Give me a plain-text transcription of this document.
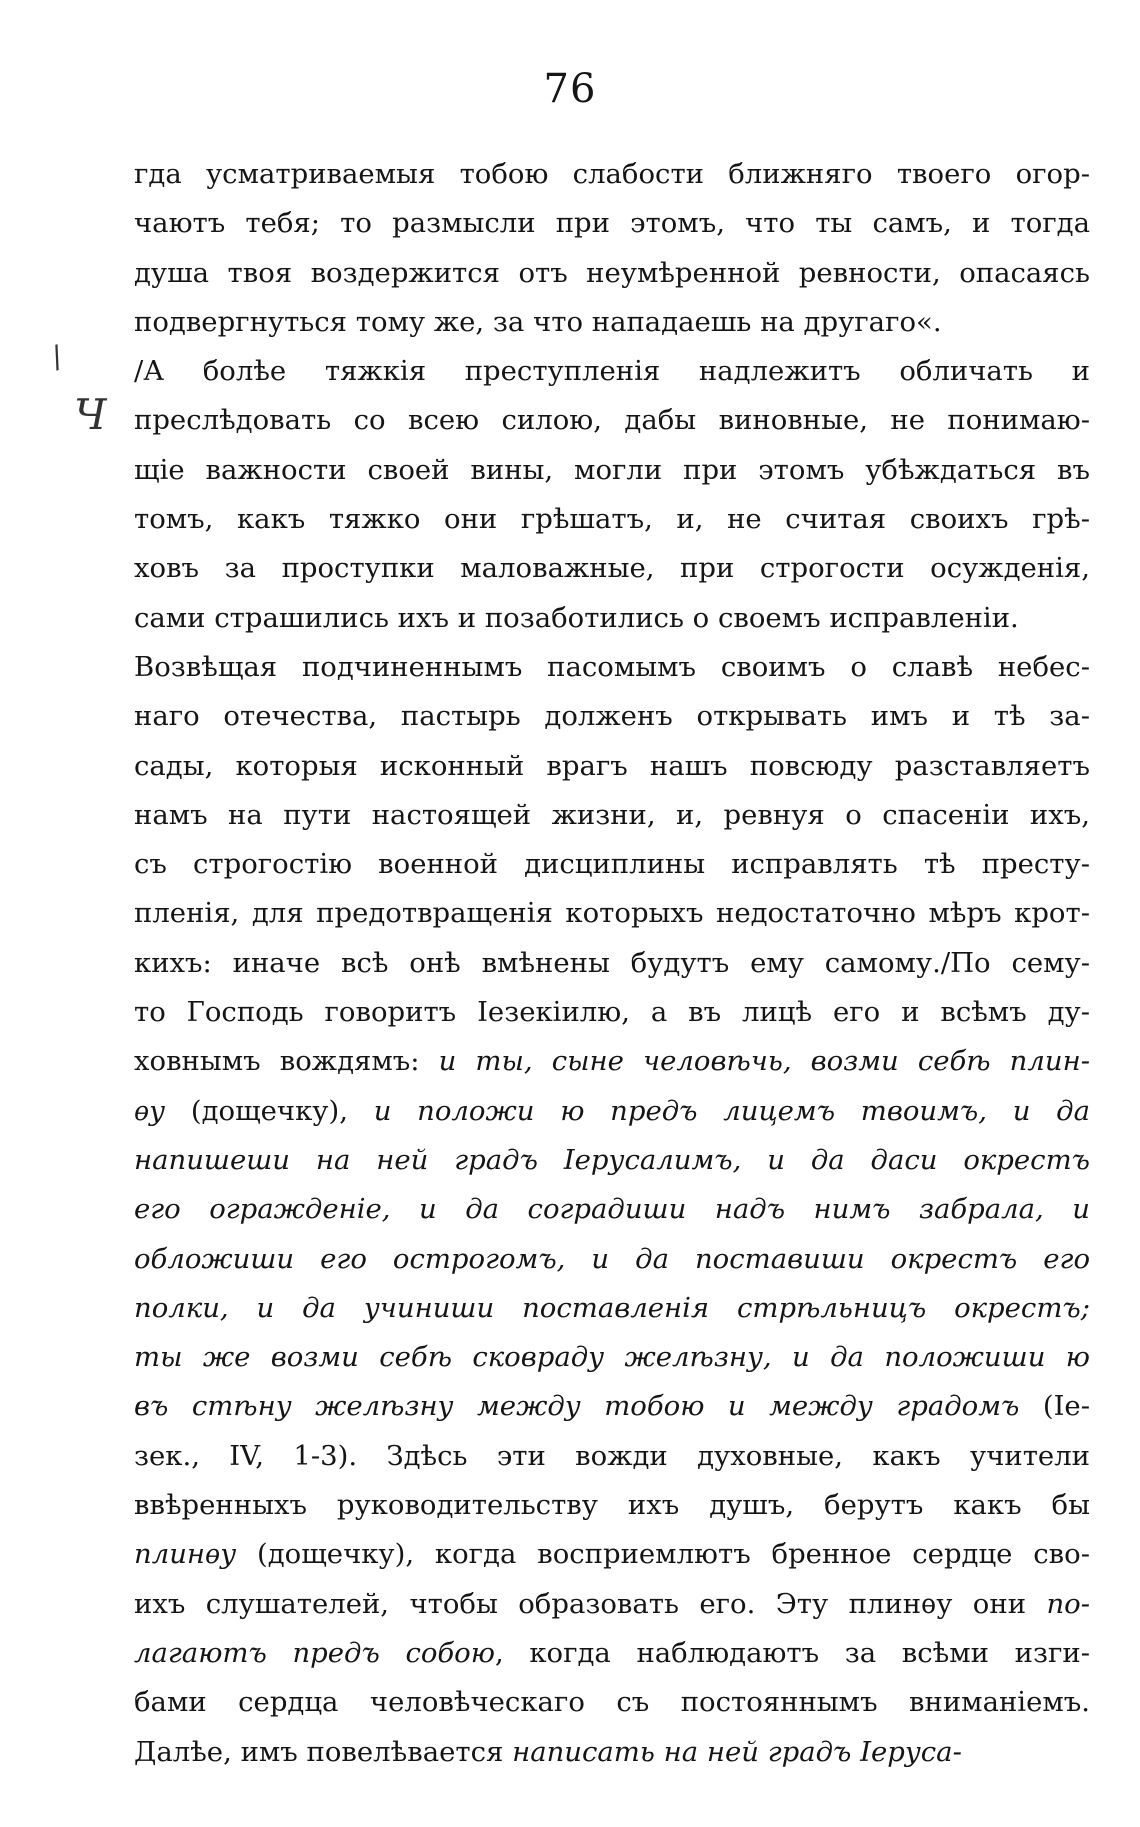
76
/
Ч
гда усматриваемыя тобою слабости ближняго твоего огор-
чаютъ тебя; то размысли при этомъ, что ты самъ, и тогда
душа твоя воздержится отъ неумѣренной ревности, опасаясь
подвергнуться тому же, за что нападаешь на другаго«.
/А болѣе тяжкія преступленія надлежитъ обличать и
преслѣдовать со всею силою, дабы виновные, не понимаю-
щіе важности своей вины, могли при этомъ убѣждаться въ
томъ, какъ тяжко они грѣшатъ, и, не считая своихъ грѣ-
ховъ за проступки маловажные, при строгости осужденія,
сами страшились ихъ и позаботились о своемъ исправленіи.
Возвѣщая подчиненнымъ пасомымъ своимъ о славѣ небес-
наго отечества, пастырь долженъ открывать имъ и тѣ за-
сады, которыя исконный врагъ нашъ повсюду разставляетъ
намъ на пути настоящей жизни, и, ревнуя о спасеніи ихъ,
съ строгостію военной дисциплины исправлять тѣ престу-
пленія, для предотвращенія которыхъ недостаточно мѣръ крот-
кихъ: иначе всѣ онѣ вмѣнены будутъ ему самому./По сему-
то Господь говоритъ Іезекіилю, а въ лицѣ его и всѣмъ ду-
ховнымъ вождямъ: и ты, сыне человѣчь, возми себѣ плин-
ѳу (дощечку), и положи ю предъ лицемъ твоимъ, и да
напишеши на ней градъ Іерусалимъ, и да даси окрестъ
его огражденіе, и да соградиши надъ нимъ забрала, и
обложиши его острогомъ, и да поставиши окрестъ его
полки, и да учиниши поставленія стрѣльницъ окрестъ;
ты же возми себѣ сковраду желѣзну, и да положиши ю
въ стѣну желѣзну между тобою и между градомъ (Іе-
зек., IV, 1-3). Здѣсь эти вожди духовные, какъ учители
ввѣренныхъ руководительству ихъ душъ, берутъ какъ бы
плинѳу (дощечку), когда восприемлютъ бренное сердце сво-
ихъ слушателей, чтобы образовать его. Эту плинѳу они по-
лагаютъ предъ собою, когда наблюдаютъ за всѣми изги-
бами сердца человѣческаго съ постояннымъ вниманіемъ.
Далѣе, имъ повелѣвается написать на ней градъ Іеруса-
